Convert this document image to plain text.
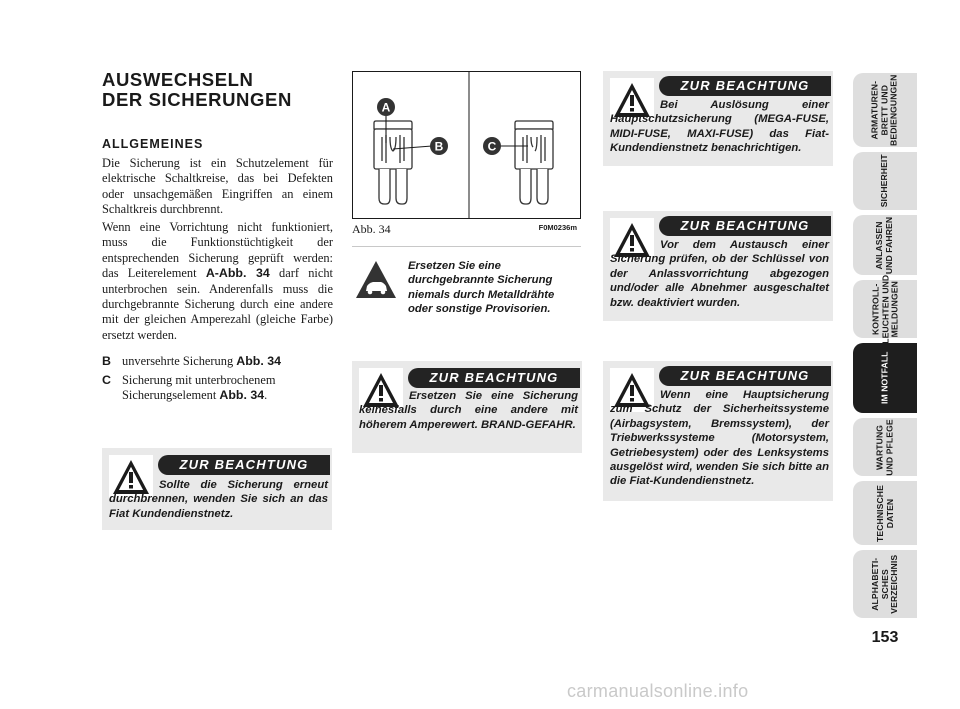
AUSWECHSELN
DER SICHERUNGEN
ALLGEMEINES
Die Sicherung ist ein Schutzelement für elektrische Schaltkreise, das bei Defekten oder unsachgemäßen Eingriffen an einem Schaltkreis durchbrennt.
Wenn eine Vorrichtung nicht funktioniert, muss die Funktionstüchtigkeit der entsprechenden Sicherung geprüft werden: das Leiterelement A-Abb. 34 darf nicht unterbrochen sein. Anderenfalls muss die durchgebrannte Sicherung durch eine andere mit der gleichen Amperezahl (gleiche Farbe) ersetzt werden.
B unversehrte Sicherung Abb. 34
C Sicherung mit unterbrochenem Sicherungselement Abb. 34.
ZUR BEACHTUNG
Sollte die Sicherung erneut durchbrennen, wenden Sie sich an das Fiat Kundendienstnetz.
A
B	C
Abb. 34	F0M0236m
Ersetzen Sie eine durchgebrannte Sicherung niemals durch Metalldrähte oder sonstige Provisorien.
ZUR BEACHTUNG
Ersetzen Sie eine Sicherung keinesfalls durch eine andere mit höherem Amperewert. BRAND-GEFAHR.
ZUR BEACHTUNG
Bei Auslösung einer Hauptschutzsicherung (MEGA-FUSE, MIDI-FUSE, MAXI-FUSE) das Fiat-Kundendienstnetz benachrichtigen.
ZUR BEACHTUNG
Vor dem Austausch einer Sicherung prüfen, ob der Schlüssel von der Anlassvorrichtung abgezogen und/oder alle Abnehmer ausgeschaltet bzw. deaktiviert wurden.
ZUR BEACHTUNG
Wenn eine Hauptsicherung zum Schutz der Sicherheitssysteme (Airbagsystem, Bremssystem), der Triebwerkssysteme (Motorsystem, Getriebesystem) oder des Lenksystems ausgelöst wird, wenden Sie sich bitte an die Fiat-Kundendienstnetz.
ARMATUREN-
BRETT UND
BEDIENGUNGEN
SICHERHEIT
ANLASSEN
UND FAHREN
KONTROLL-
LEUCHTEN UND
MELDUNGEN
IM NOTFALL
WARTUNG
UND PFLEGE
TECHNISCHE
DATEN
ALPHABETI-
SCHES
VERZEICHNIS
153
carmanualsonline.info
